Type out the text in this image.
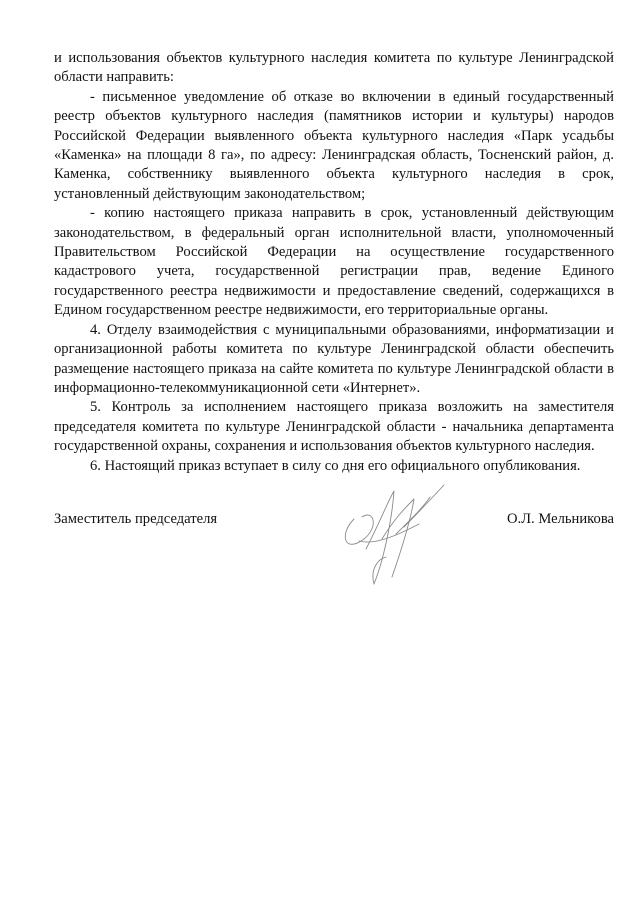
и использования объектов культурного наследия комитета по культуре Ленинградской области направить:

- письменное уведомление об отказе во включении в единый государственный реестр объектов культурного наследия (памятников истории и культуры) народов Российской Федерации выявленного объекта культурного наследия «Парк усадьбы «Каменка» на площади 8 га», по адресу: Ленинградская область, Тосненский район, д. Каменка, собственнику выявленного объекта культурного наследия в срок, установленный действующим законодательством;

- копию настоящего приказа направить в срок, установленный действующим законодательством, в федеральный орган исполнительной власти, уполномоченный Правительством Российской Федерации на осуществление государственного кадастрового учета, государственной регистрации прав, ведение Единого государственного реестра недвижимости и предоставление сведений, содержащихся в Едином государственном реестре недвижимости, его территориальные органы.

4. Отделу взаимодействия с муниципальными образованиями, информатизации и организационной работы комитета по культуре Ленинградской области обеспечить размещение настоящего приказа на сайте комитета по культуре Ленинградской области в информационно-телекоммуникационной сети «Интернет».

5. Контроль за исполнением настоящего приказа возложить на заместителя председателя комитета по культуре Ленинградской области - начальника департамента государственной охраны, сохранения и использования объектов культурного наследия.

6. Настоящий приказ вступает в силу со дня его официального опубликования.

Заместитель председателя	О.Л. Мельникова
